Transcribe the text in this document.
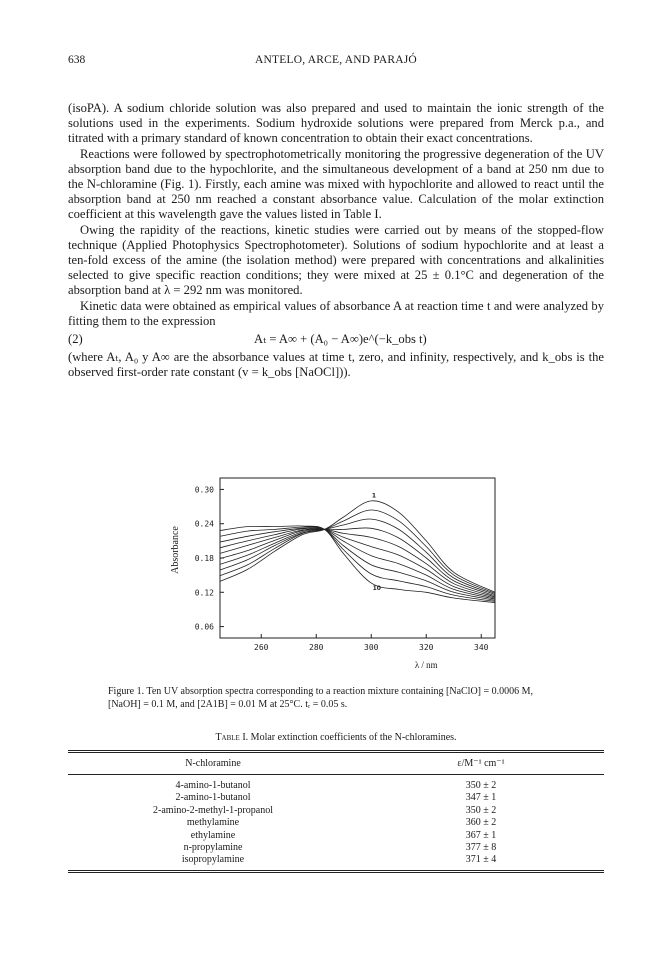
638	ANTELO, ARCE, AND PARAJÓ

(isoPA). A sodium chloride solution was also prepared and used to maintain the ionic strength of the solutions used in the experiments. Sodium hydroxide solutions were prepared from Merck p.a., and titrated with a primary standard of known concentration to obtain their exact concentrations.

Reactions were followed by spectrophotometrically monitoring the progressive degeneration of the UV absorption band due to the hypochlorite, and the simultaneous development of a band at 250 nm due to the N-chloramine (Fig. 1). Firstly, each amine was mixed with hypochlorite and allowed to react until the absorption band at 250 nm reached a constant absorbance value. Calculation of the molar extinction coefficient at this wavelength gave the values listed in Table I.

Owing the rapidity of the reactions, kinetic studies were carried out by means of the stopped-flow technique (Applied Photophysics Spectrophotometer). Solutions of sodium hypochlorite and at least a ten-fold excess of the amine (the isolation method) were prepared with concentrations and alkalinities selected to give specific reaction conditions; they were mixed at 25 ± 0.1°C and degeneration of the absorption band at λ = 292 nm was monitored.

Kinetic data were obtained as empirical values of absorbance A at reaction time t and were analyzed by fitting them to the expression

(2)	Aₜ = A∞ + (A₀ − A∞)e^(−k_obs t)

(where Aₜ, A₀ y A∞ are the absorbance values at time t, zero, and infinity, respectively, and k_obs is the observed first-order rate constant (v = k_obs [NaOCl])).

0.06
0.12
0.18
0.24
0.30
260	280	300	320	340
1
10
λ / nm
Absorbance
Figure 1. Ten UV absorption spectra corresponding to a reaction mixture containing [NaClO] = 0.0006 M, [NaOH] = 0.1 M, and [2A1B] = 0.01 M at 25°C. tᵣ = 0.05 s.
Table I. Molar extinction coefficients of the N-chloramines.
N-chloramine	ε/M⁻¹ cm⁻¹
4-amino-1-butanol	350 ± 2
2-amino-1-butanol	347 ± 1
2-amino-2-methyl-1-propanol	350 ± 2
methylamine	360 ± 2
ethylamine	367 ± 1
n-propylamine	377 ± 8
isopropylamine	371 ± 4
